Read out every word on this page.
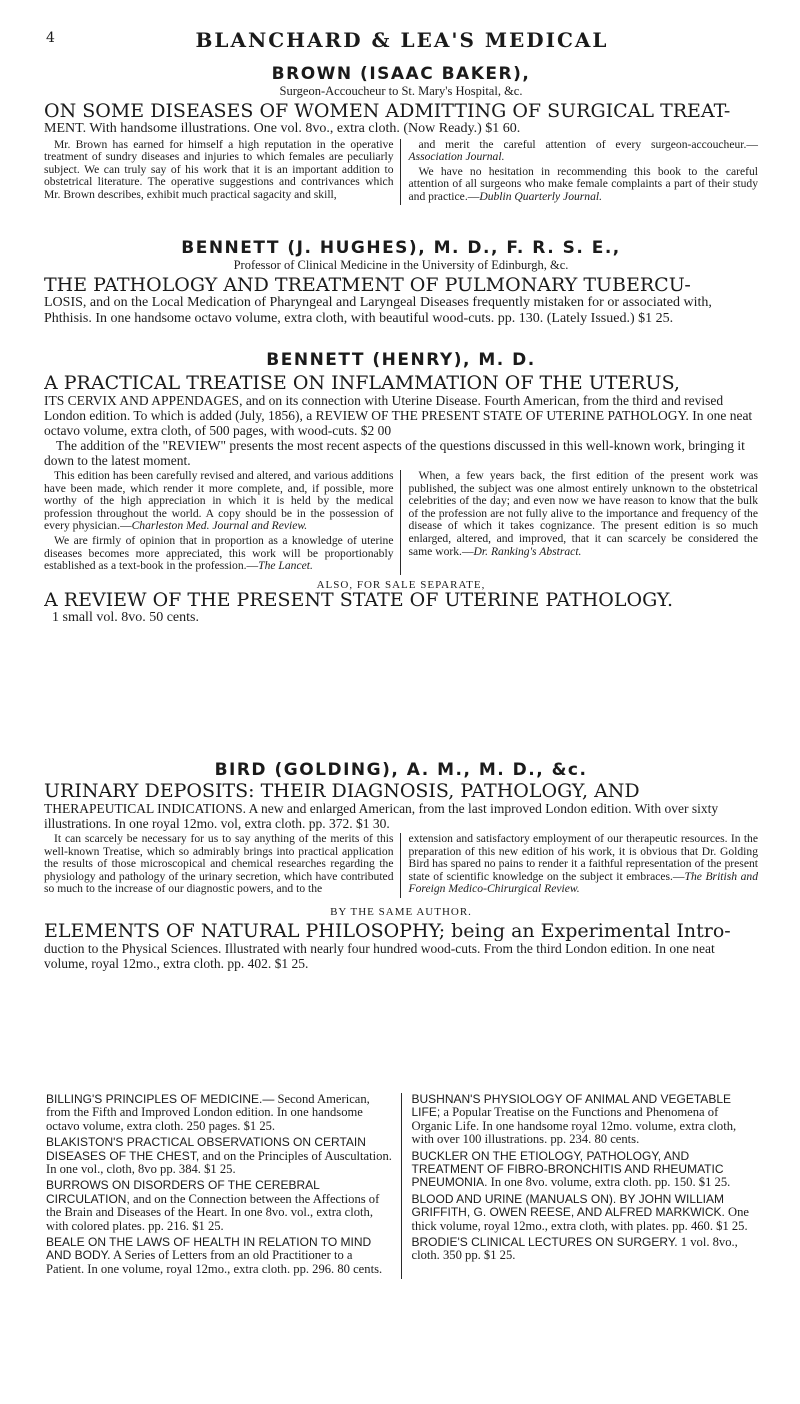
4	BLANCHARD & LEA'S MEDICAL
BROWN (ISAAC BAKER),
Surgeon-Accoucheur to St. Mary's Hospital, &c.
ON SOME DISEASES OF WOMEN ADMITTING OF SURGICAL TREAT-
MENT. With handsome illustrations. One vol. 8vo., extra cloth. (Now Ready.) $1 60.

Mr. Brown has earned for himself a high reputation in the operative treatment of sundry diseases and injuries to which females are peculiarly subject. We can truly say of his work that it is an important addition to obstetrical literature. The operative suggestions and contrivances which Mr. Brown describes, exhibit much practical sagacity and skill,

and merit the careful attention of every surgeon-accoucheur.—Association Journal.

We have no hesitation in recommending this book to the careful attention of all surgeons who make female complaints a part of their study and practice.—Dublin Quarterly Journal.

BENNETT (J. HUGHES), M. D., F. R. S. E.,
Professor of Clinical Medicine in the University of Edinburgh, &c.
THE PATHOLOGY AND TREATMENT OF PULMONARY TUBERCU-
LOSIS, and on the Local Medication of Pharyngeal and Laryngeal Diseases frequently mistaken for or associated with, Phthisis. In one handsome octavo volume, extra cloth, with beautiful wood-cuts. pp. 130. (Lately Issued.) $1 25.
BENNETT (HENRY), M. D.
A PRACTICAL TREATISE ON INFLAMMATION OF THE UTERUS,
ITS CERVIX AND APPENDAGES, and on its connection with Uterine Disease. Fourth American, from the third and revised London edition. To which is added (July, 1856), a REVIEW OF THE PRESENT STATE OF UTERINE PATHOLOGY. In one neat octavo volume, extra cloth, of 500 pages, with wood-cuts. $2 00
The addition of the "REVIEW" presents the most recent aspects of the questions discussed in this well-known work, bringing it down to the latest moment.

This edition has been carefully revised and altered, and various additions have been made, which render it more complete, and, if possible, more worthy of the high appreciation in which it is held by the medical profession throughout the world. A copy should be in the possession of every physician.—Charleston Med. Journal and Review.

We are firmly of opinion that in proportion as a knowledge of uterine diseases becomes more appreciated, this work will be proportionably established as a text-book in the profession.—The Lancet.

When, a few years back, the first edition of the present work was published, the subject was one almost entirely unknown to the obstetrical celebrities of the day; and even now we have reason to know that the bulk of the profession are not fully alive to the importance and frequency of the disease of which it takes cognizance. The present edition is so much enlarged, altered, and improved, that it can scarcely be considered the same work.—Dr. Ranking's Abstract.

ALSO, FOR SALE SEPARATE,
A REVIEW OF THE PRESENT STATE OF UTERINE PATHOLOGY.
1 small vol. 8vo. 50 cents.
BIRD (GOLDING), A. M., M. D., &c.
URINARY DEPOSITS: THEIR DIAGNOSIS, PATHOLOGY, AND
THERAPEUTICAL INDICATIONS. A new and enlarged American, from the last improved London edition. With over sixty illustrations. In one royal 12mo. vol, extra cloth. pp. 372. $1 30.

It can scarcely be necessary for us to say anything of the merits of this well-known Treatise, which so admirably brings into practical application the results of those microscopical and chemical researches regarding the physiology and pathology of the urinary secretion, which have contributed so much to the increase of our diagnostic powers, and to the

extension and satisfactory employment of our therapeutic resources. In the preparation of this new edition of his work, it is obvious that Dr. Golding Bird has spared no pains to render it a faithful representation of the present state of scientific knowledge on the subject it embraces.—The British and Foreign Medico-Chirurgical Review.

BY THE SAME AUTHOR.
ELEMENTS OF NATURAL PHILOSOPHY; being an Experimental Intro-
duction to the Physical Sciences. Illustrated with nearly four hundred wood-cuts. From the third London edition. In one neat volume, royal 12mo., extra cloth. pp. 402. $1 25.
BILLING'S PRINCIPLES OF MEDICINE.— Second American, from the Fifth and Improved London edition. In one handsome octavo volume, extra cloth. 250 pages. $1 25.
BLAKISTON'S PRACTICAL OBSERVATIONS ON CERTAIN DISEASES OF THE CHEST, and on the Principles of Auscultation. In one vol., cloth, 8vo pp. 384. $1 25.
BURROWS ON DISORDERS OF THE CEREBRAL CIRCULATION, and on the Connection between the Affections of the Brain and Diseases of the Heart. In one 8vo. vol., extra cloth, with colored plates. pp. 216. $1 25.
BEALE ON THE LAWS OF HEALTH IN RELATION TO MIND AND BODY. A Series of Letters from an old Practitioner to a Patient. In one volume, royal 12mo., extra cloth. pp. 296. 80 cents.
BUSHNAN'S PHYSIOLOGY OF ANIMAL AND VEGETABLE LIFE; a Popular Treatise on the Functions and Phenomena of Organic Life. In one handsome royal 12mo. volume, extra cloth, with over 100 illustrations. pp. 234. 80 cents.
BUCKLER ON THE ETIOLOGY, PATHOLOGY, AND TREATMENT OF FIBRO-BRONCHITIS AND RHEUMATIC PNEUMONIA. In one 8vo. volume, extra cloth. pp. 150. $1 25.
BLOOD AND URINE (MANUALS ON). BY JOHN WILLIAM GRIFFITH, G. OWEN REESE, AND ALFRED MARKWICK. One thick volume, royal 12mo., extra cloth, with plates. pp. 460. $1 25.
BRODIE'S CLINICAL LECTURES ON SURGERY. 1 vol. 8vo., cloth. 350 pp. $1 25.
